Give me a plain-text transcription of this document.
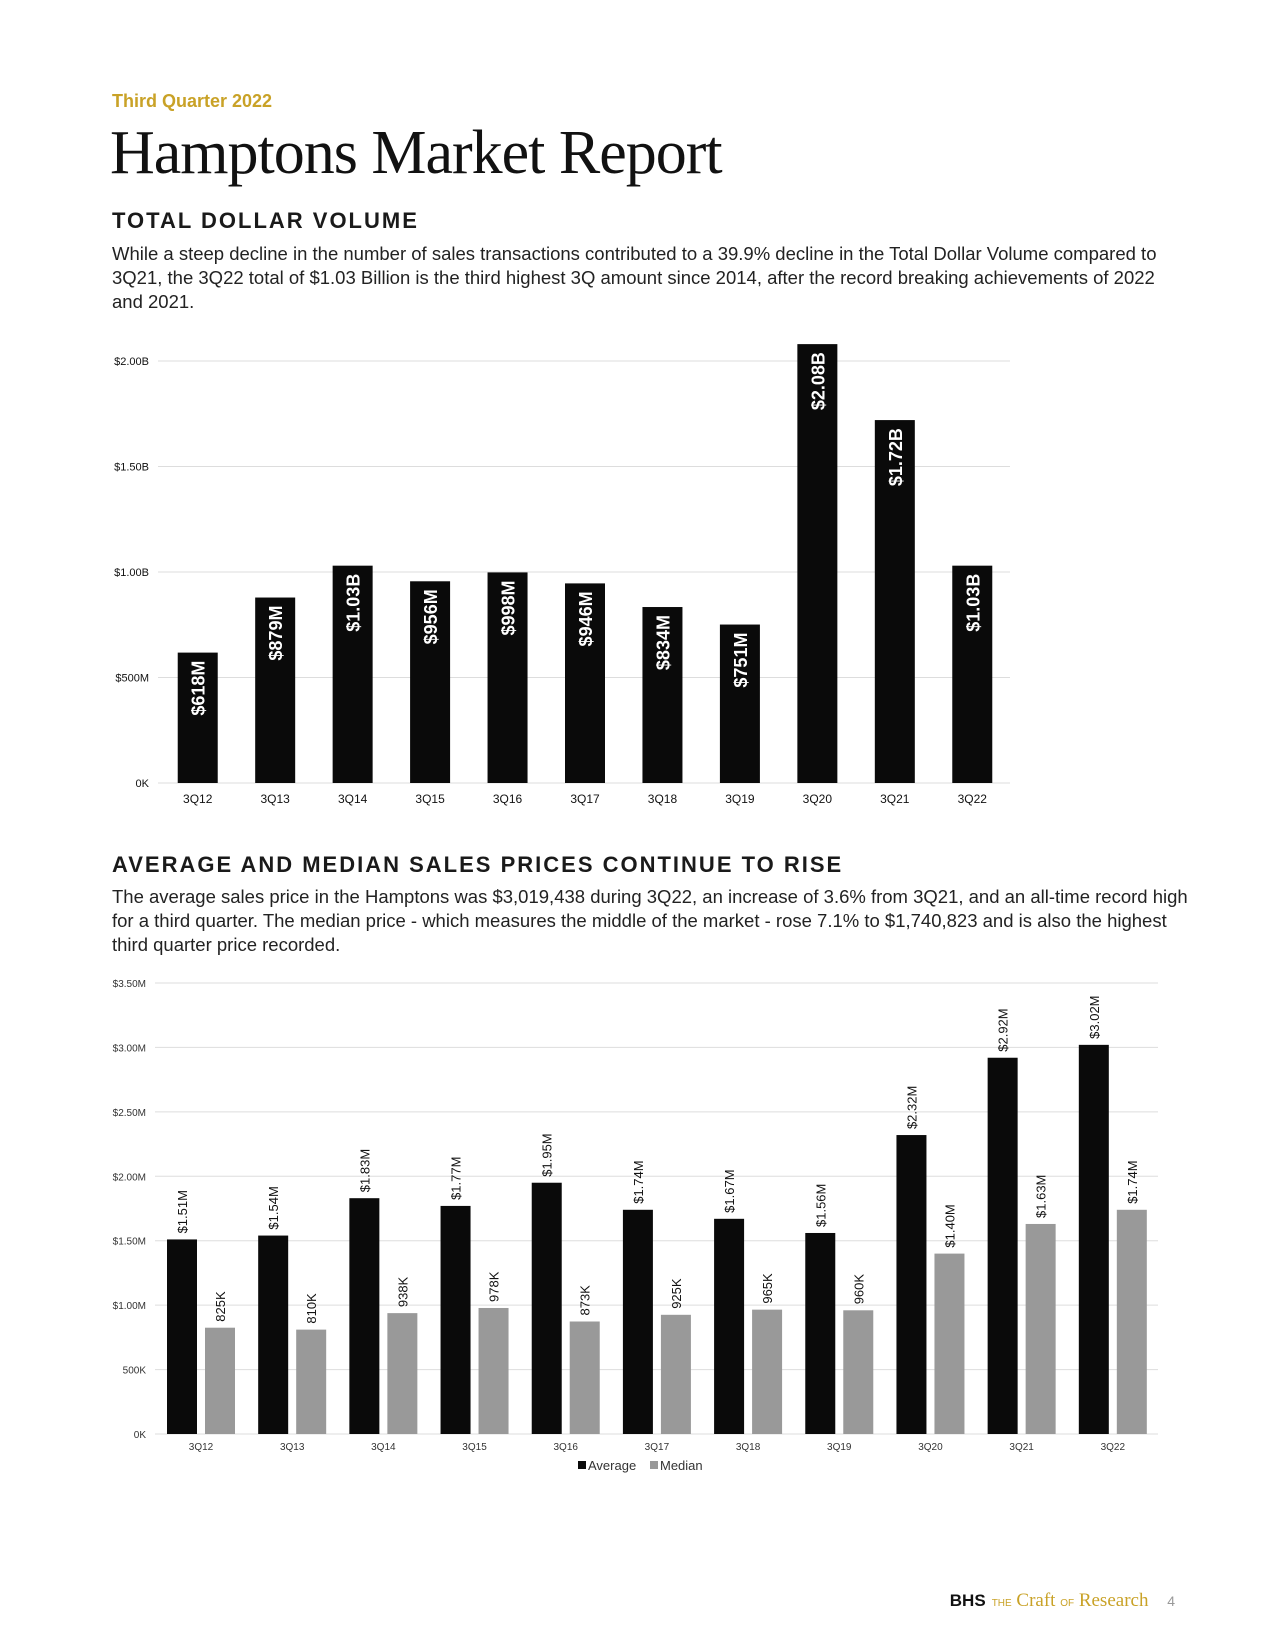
Third Quarter 2022
Hamptons Market Report
TOTAL DOLLAR VOLUME
While a steep decline in the number of sales transactions contributed to a 39.9% decline in the Total Dollar Volume compared to 3Q21, the 3Q22 total of $1.03 Billion is the third highest 3Q amount since 2014, after the record breaking achievements of 2022 and 2021.
AVERAGE AND MEDIAN SALES PRICES CONTINUE TO RISE
The average sales price in the Hamptons was $3,019,438 during 3Q22, an increase of 3.6% from 3Q21, and an all-time record high for a third quarter. The median price - which measures the middle of the market - rose 7.1% to $1,740,823 and is also the highest third quarter price recorded.
0K
$500M
$1.00B
$1.50B
$2.00B
3Q12
$618M
3Q13
$879M
3Q14
$1.03B
3Q15
$956M
3Q16
$998M
3Q17
$946M
3Q18
$834M
3Q19
$751M
3Q20
$2.08B
3Q21
$1.72B
3Q22
$1.03B
0K
500K
$1.00M
$1.50M
$2.00M
$2.50M
$3.00M
$3.50M
3Q12
$1.51M
825K
3Q13
$1.54M
810K
3Q14
$1.83M
938K
3Q15
$1.77M
978K
3Q16
$1.95M
873K
3Q17
$1.74M
925K
3Q18
$1.67M
965K
3Q19
$1.56M
960K
3Q20
$2.32M
$1.40M
3Q21
$2.92M
$1.63M
3Q22
$3.02M
$1.74M
Average Median
BHS THE Craft OF Research 4
